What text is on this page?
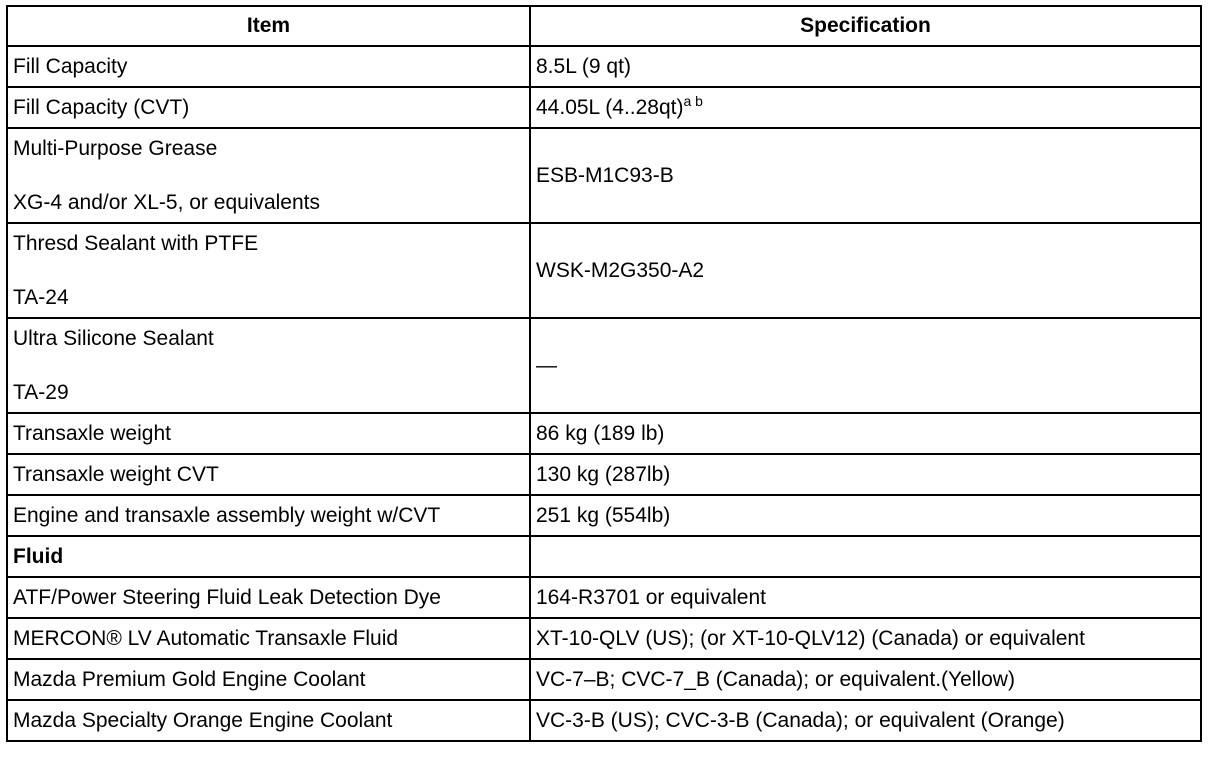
Item	Specification
Fill Capacity	8.5L (9 qt)
Fill Capacity (CVT)	44.05L $(4..28qt)^{a b}$

Multi-Purpose Grease
XG-4 and/or XL-5, or equivalents	ESB-M1C93-B

Thresd Sealant with PTFE
TA-24	WSK-M2G350-A2

Ultra Silicone Sealant
TA-29	—
Transaxle weight	86 kg (189 lb)
Transaxle weight CVT	130 kg (287lb)
Engine and transaxle assembly weight w/CVT	251 kg (554lb)
Fluid	
ATF/Power Steering Fluid Leak Detection Dye	164-R3701 or equivalent
MERCON® LV Automatic Transaxle Fluid	XT-10-QLV (US); (or XT-10-QLV12) (Canada) or equivalent
Mazda Premium Gold Engine Coolant	VC-7–B; CVC-7_B (Canada); or equivalent.(Yellow)
Mazda Specialty Orange Engine Coolant	VC-3-B (US); CVC-3-B (Canada); or equivalent (Orange)
